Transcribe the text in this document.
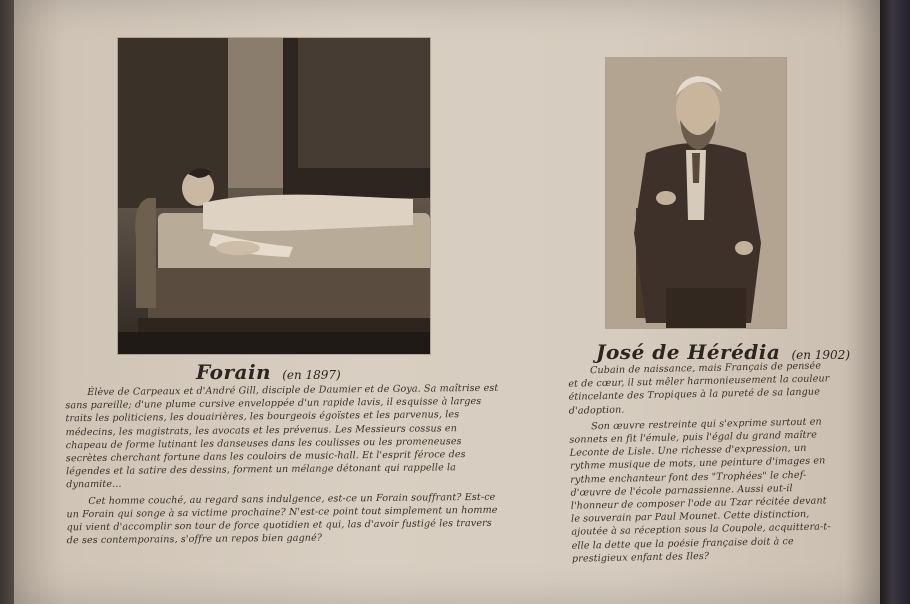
Forain (en 1897)
José de Hérédia (en 1902)

Élève de Carpeaux et d'André Gill, disciple de Daumier et de Goya. Sa maîtrise est sans pareille; d'une plume cursive enveloppée d'un rapide lavis, il esquisse à larges traits les politiciens, les douairières, les bourgeois égoïstes et les parvenus, les médecins, les magistrats, les avocats et les prévenus. Les Messieurs cossus en chapeau de forme lutinant les danseuses dans les coulisses ou les promeneuses secrètes cherchant fortune dans les couloirs de music-hall. Et l'esprit féroce des légendes et la satire des dessins, forment un mélange détonant qui rappelle la dynamite...

Cet homme couché, au regard sans indulgence, est-ce un Forain souffrant? Est-ce un Forain qui songe à sa victime prochaine? N'est-ce point tout simplement un homme qui vient d'accomplir son tour de force quotidien et qui, las d'avoir fustigé les travers de ses contemporains, s'offre un repos bien gagné?

Cubain de naissance, mais Français de pensée et de cœur, il sut mêler harmonieusement la couleur étincelante des Tropiques à la pureté de sa langue d'adoption.

Son œuvre restreinte qui s'exprime surtout en sonnets en fit l'émule, puis l'égal du grand maître Leconte de Lisle. Une richesse d'expression, un rythme musique de mots, une peinture d'images en rythme enchanteur font des "Trophées" le chef-d'œuvre de l'école parnassienne. Aussi eut-il l'honneur de composer l'ode au Tzar récitée devant le souverain par Paul Mounet. Cette distinction, ajoutée à sa réception sous la Coupole, acquittera-t-elle la dette que la poésie française doit à ce prestigieux enfant des Iles?
